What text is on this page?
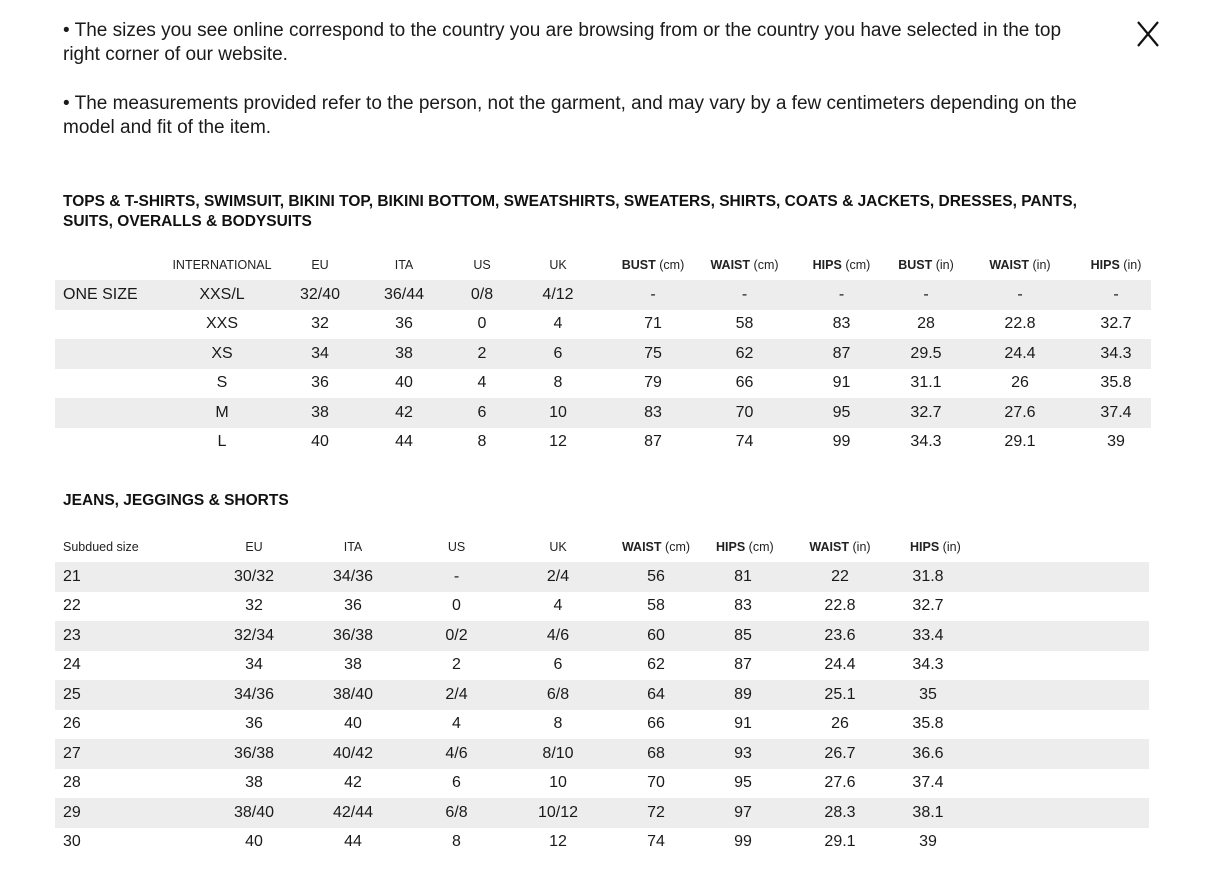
• The sizes you see online correspond to the country you are browsing from or the country you have selected in the top right corner of our website.

• The measurements provided refer to the person, not the garment, and may vary by a few centimeters depending on the model and fit of the item.

TOPS & T-SHIRTS, SWIMSUIT, BIKINI TOP, BIKINI BOTTOM, SWEATSHIRTS, SWEATERS, SHIRTS, COATS & JACKETS, DRESSES, PANTS, SUITS, OVERALLS & BODYSUITS
	INTERNATIONAL	EU	ITA	US	UK	BUST (cm)	WAIST (cm)	HIPS (cm)	BUST (in)	WAIST (in)	HIPS (in)
ONE SIZE	XXS/L	32/40	36/44	0/8	4/12	-	-	-	-	-	-
	XXS	32	36	0	4	71	58	83	28	22.8	32.7
	XS	34	38	2	6	75	62	87	29.5	24.4	34.3
	S	36	40	4	8	79	66	91	31.1	26	35.8
	M	38	42	6	10	83	70	95	32.7	27.6	37.4
	L	40	44	8	12	87	74	99	34.3	29.1	39
JEANS, JEGGINGS & SHORTS
Subdued size	EU	ITA	US	UK	WAIST (cm)	HIPS (cm)	WAIST (in)	HIPS (in)	
21	30/32	34/36	-	2/4	56	81	22	31.8	
22	32	36	0	4	58	83	22.8	32.7	
23	32/34	36/38	0/2	4/6	60	85	23.6	33.4	
24	34	38	2	6	62	87	24.4	34.3	
25	34/36	38/40	2/4	6/8	64	89	25.1	35	
26	36	40	4	8	66	91	26	35.8	
27	36/38	40/42	4/6	8/10	68	93	26.7	36.6	
28	38	42	6	10	70	95	27.6	37.4	
29	38/40	42/44	6/8	10/12	72	97	28.3	38.1	
30	40	44	8	12	74	99	29.1	39	
